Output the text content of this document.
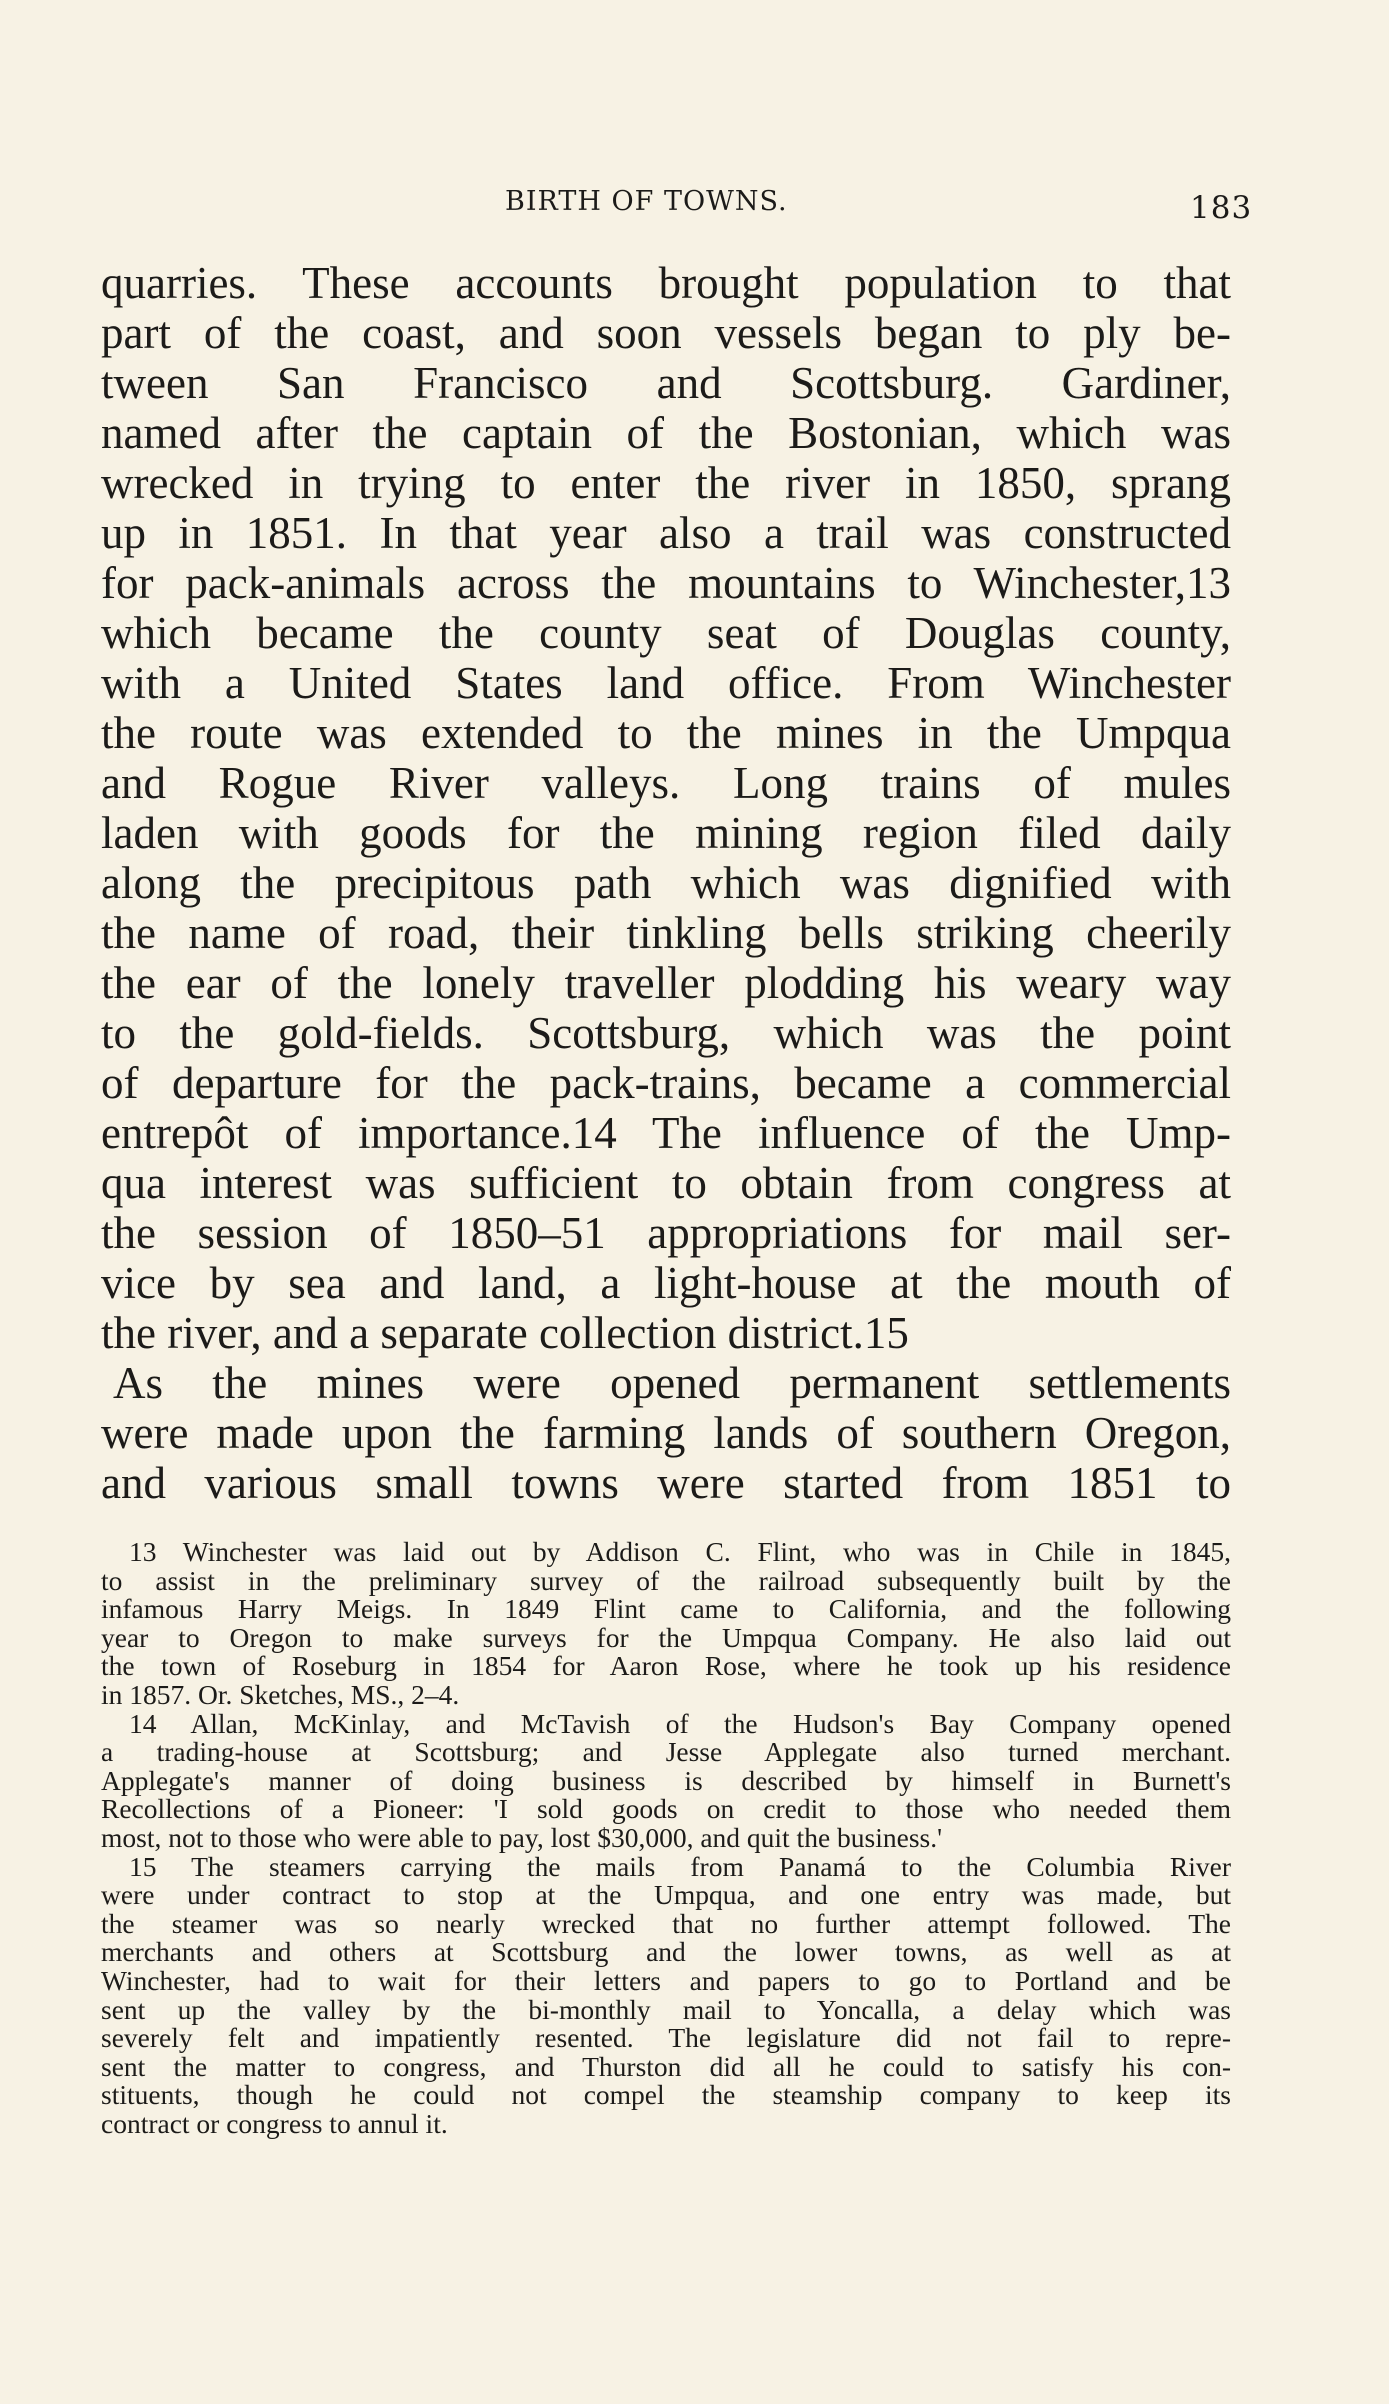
BIRTH OF TOWNS.	183
quarries. These accounts brought population to that
part of the coast, and soon vessels began to ply be-
tween San Francisco and Scottsburg. Gardiner,
named after the captain of the Bostonian, which was
wrecked in trying to enter the river in 1850, sprang
up in 1851. In that year also a trail was constructed
for pack-animals across the mountains to Winchester,13
which became the county seat of Douglas county,
with a United States land office. From Winchester
the route was extended to the mines in the Umpqua
and Rogue River valleys. Long trains of mules
laden with goods for the mining region filed daily
along the precipitous path which was dignified with
the name of road, their tinkling bells striking cheerily
the ear of the lonely traveller plodding his weary way
to the gold-fields. Scottsburg, which was the point
of departure for the pack-trains, became a commercial
entrepôt of importance.14 The influence of the Ump-
qua interest was sufficient to obtain from congress at
the session of 1850–51 appropriations for mail ser-
vice by sea and land, a light-house at the mouth of
the river, and a separate collection district.15
As the mines were opened permanent settlements
were made upon the farming lands of southern Oregon,
and various small towns were started from 1851 to
13 Winchester was laid out by Addison C. Flint, who was in Chile in 1845,
to assist in the preliminary survey of the railroad subsequently built by the
infamous Harry Meigs. In 1849 Flint came to California, and the following
year to Oregon to make surveys for the Umpqua Company. He also laid out
the town of Roseburg in 1854 for Aaron Rose, where he took up his residence
in 1857. Or. Sketches, MS., 2–4.
14 Allan, McKinlay, and McTavish of the Hudson's Bay Company opened
a trading-house at Scottsburg; and Jesse Applegate also turned merchant.
Applegate's manner of doing business is described by himself in Burnett's
Recollections of a Pioneer: 'I sold goods on credit to those who needed them
most, not to those who were able to pay, lost $30,000, and quit the business.'
15 The steamers carrying the mails from Panamá to the Columbia River
were under contract to stop at the Umpqua, and one entry was made, but
the steamer was so nearly wrecked that no further attempt followed. The
merchants and others at Scottsburg and the lower towns, as well as at
Winchester, had to wait for their letters and papers to go to Portland and be
sent up the valley by the bi-monthly mail to Yoncalla, a delay which was
severely felt and impatiently resented. The legislature did not fail to repre-
sent the matter to congress, and Thurston did all he could to satisfy his con-
stituents, though he could not compel the steamship company to keep its
contract or congress to annul it.
